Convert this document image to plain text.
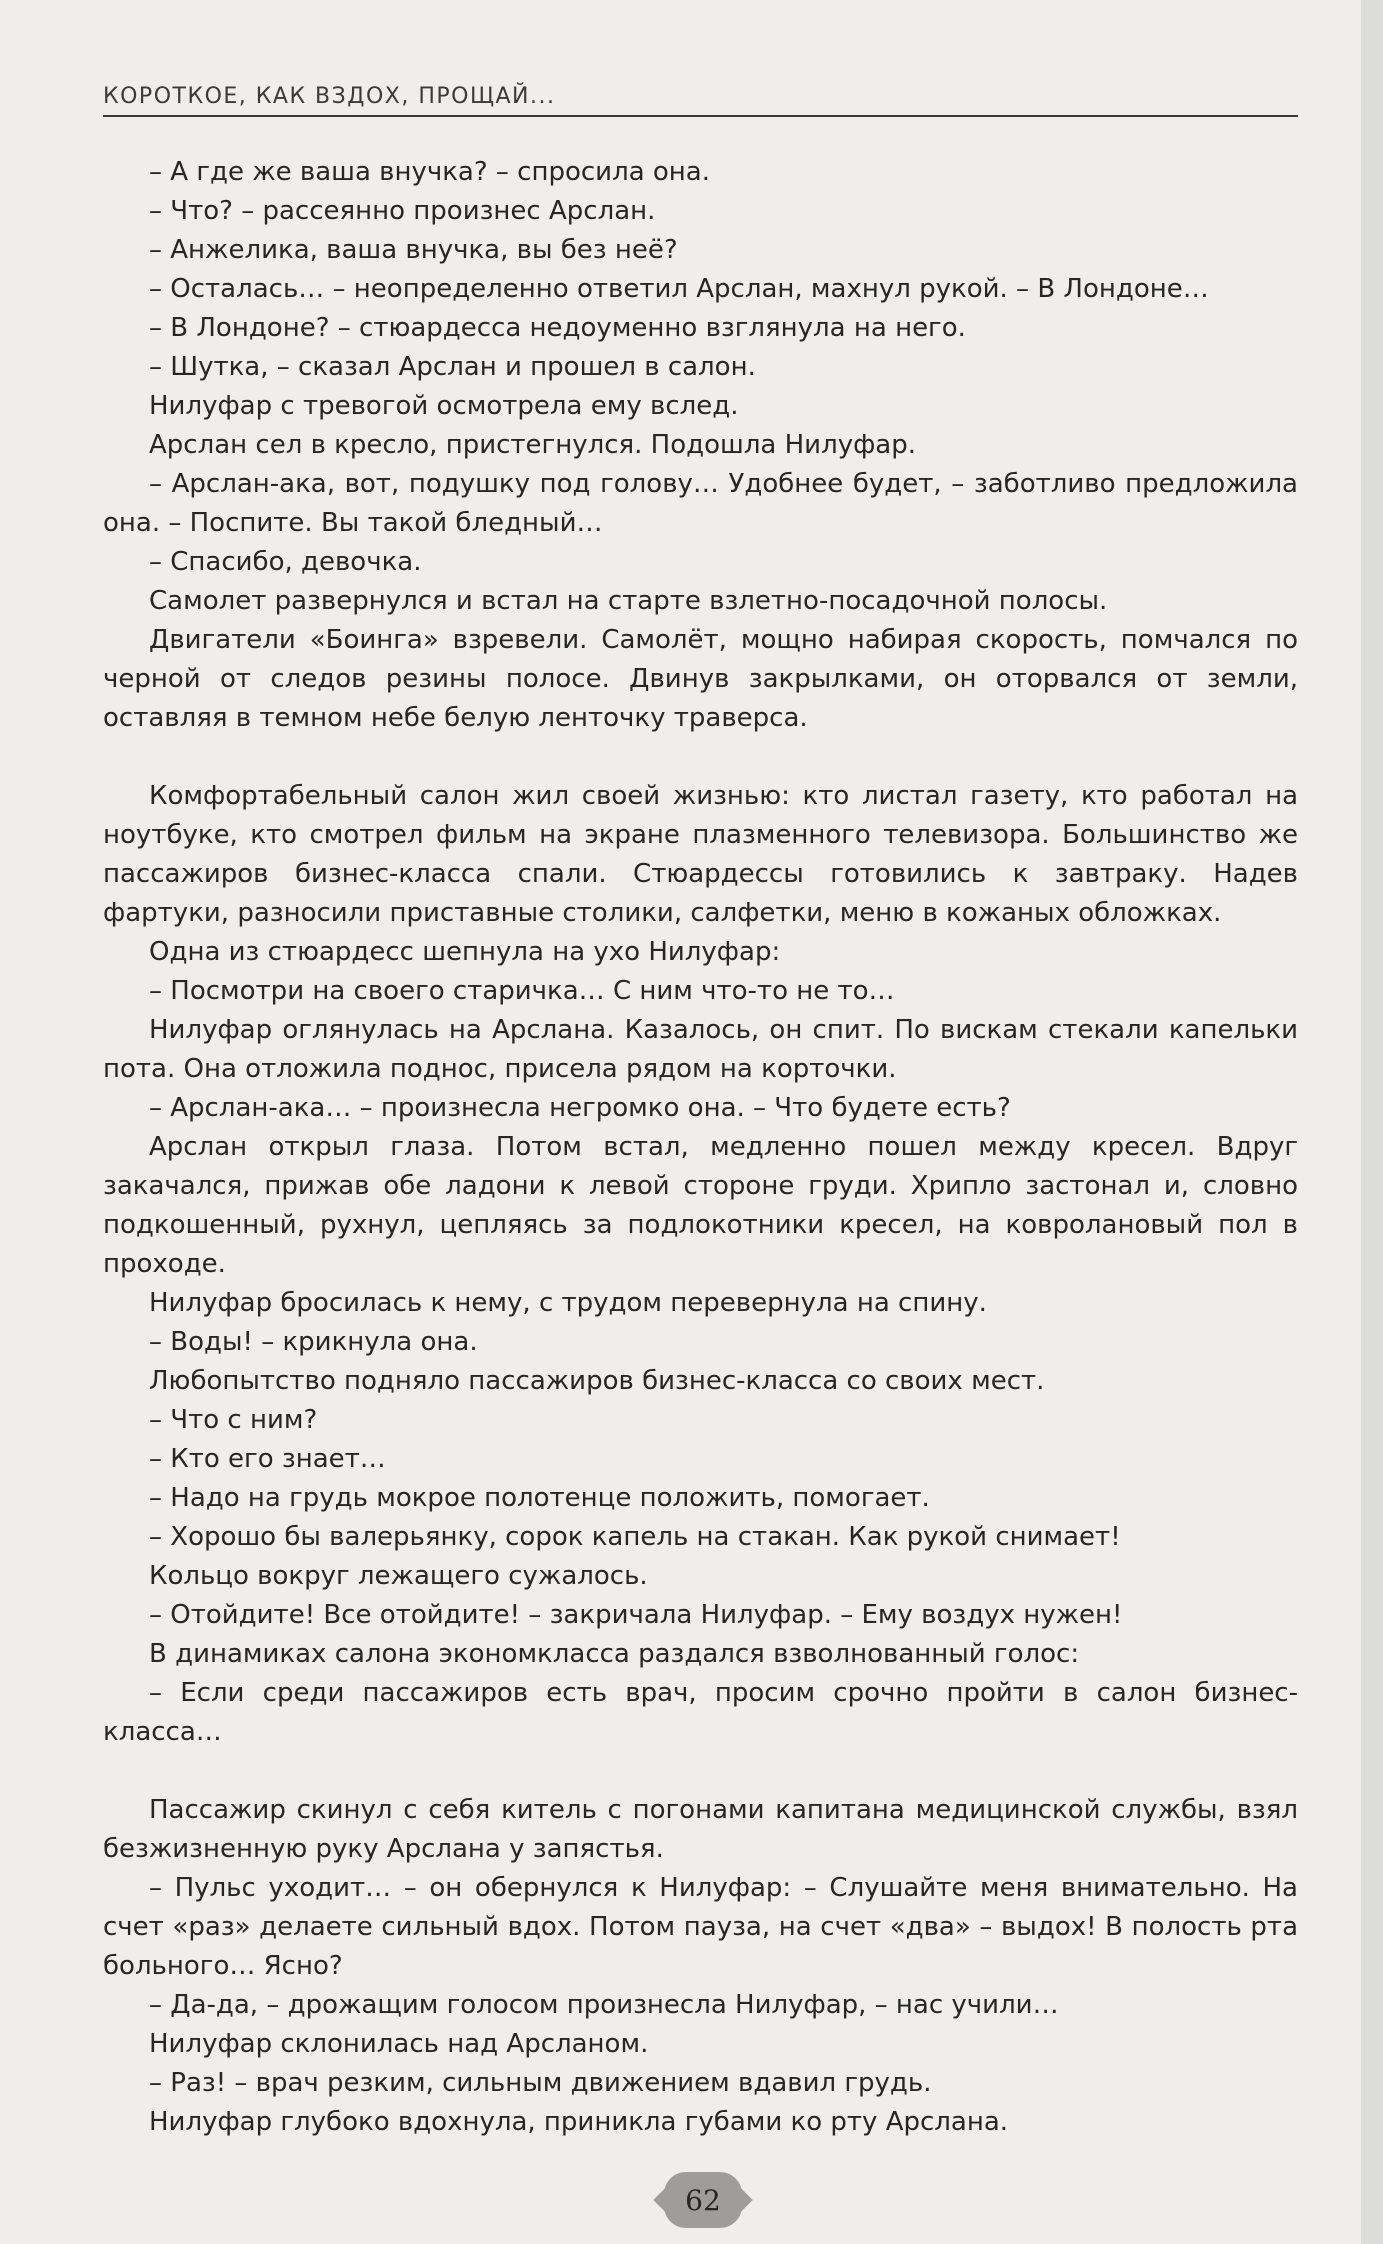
КОРОТКОЕ, КАК ВЗДОХ, ПРОЩАЙ...

– А где же ваша внучка? – спросила она.

– Что? – рассеянно произнес Арслан.

– Анжелика, ваша внучка, вы без неё?

– Осталась… – неопределенно ответил Арслан, махнул рукой. – В Лондоне…

– В Лондоне? – стюардесса недоуменно взглянула на него.

– Шутка, – сказал Арслан и прошел в салон.

Нилуфар с тревогой осмотрела ему вслед.

Арслан сел в кресло, пристегнулся. Подошла Нилуфар.

– Арслан-ака, вот, подушку под голову… Удобнее будет, – заботливо предложила она. – Поспите. Вы такой бледный…

– Спасибо, девочка.

Самолет развернулся и встал на старте взлетно-посадочной полосы.

Двигатели «Боинга» взревели. Самолёт, мощно набирая скорость, помчался по черной от следов резины полосе. Двинув закрылками, он оторвался от земли, оставляя в темном небе белую ленточку траверса.

Комфортабельный салон жил своей жизнью: кто листал газету, кто работал на ноутбуке, кто смотрел фильм на экране плазменного телевизора. Большинство же пассажиров бизнес-класса спали. Стюардессы готовились к завтраку. Надев фартуки, разносили приставные столики, салфетки, меню в кожаных обложках.

Одна из стюардесс шепнула на ухо Нилуфар:

– Посмотри на своего старичка… С ним что-то не то…

Нилуфар оглянулась на Арслана. Казалось, он спит. По вискам стекали капельки пота. Она отложила поднос, присела рядом на корточки.

– Арслан-ака… – произнесла негромко она. – Что будете есть?

Арслан открыл глаза. Потом встал, медленно пошел между кресел. Вдруг закачался, прижав обе ладони к левой стороне груди. Хрипло застонал и, словно подкошенный, рухнул, цепляясь за подлокотники кресел, на ковролановый пол в проходе.

Нилуфар бросилась к нему, с трудом перевернула на спину.

– Воды! – крикнула она.

Любопытство подняло пассажиров бизнес-класса со своих мест.

– Что с ним?

– Кто его знает…

– Надо на грудь мокрое полотенце положить, помогает.

– Хорошо бы валерьянку, сорок капель на стакан. Как рукой снимает!

Кольцо вокруг лежащего сужалось.

– Отойдите! Все отойдите! – закричала Нилуфар. – Ему воздух нужен!

В динамиках салона экономкласса раздался взволнованный голос:

– Если среди пассажиров есть врач, просим срочно пройти в салон бизнес-класса…

Пассажир скинул с себя китель с погонами капитана медицинской службы, взял безжизненную руку Арслана у запястья.

– Пульс уходит… – он обернулся к Нилуфар: – Слушайте меня внимательно. На счет «раз» делаете сильный вдох. Потом пауза, на счет «два» – выдох! В полость рта больного… Ясно?

– Да-да, – дрожащим голосом произнесла Нилуфар, – нас учили…

Нилуфар склонилась над Арсланом.

– Раз! – врач резким, сильным движением вдавил грудь.

Нилуфар глубоко вдохнула, приникла губами ко рту Арслана.

62
